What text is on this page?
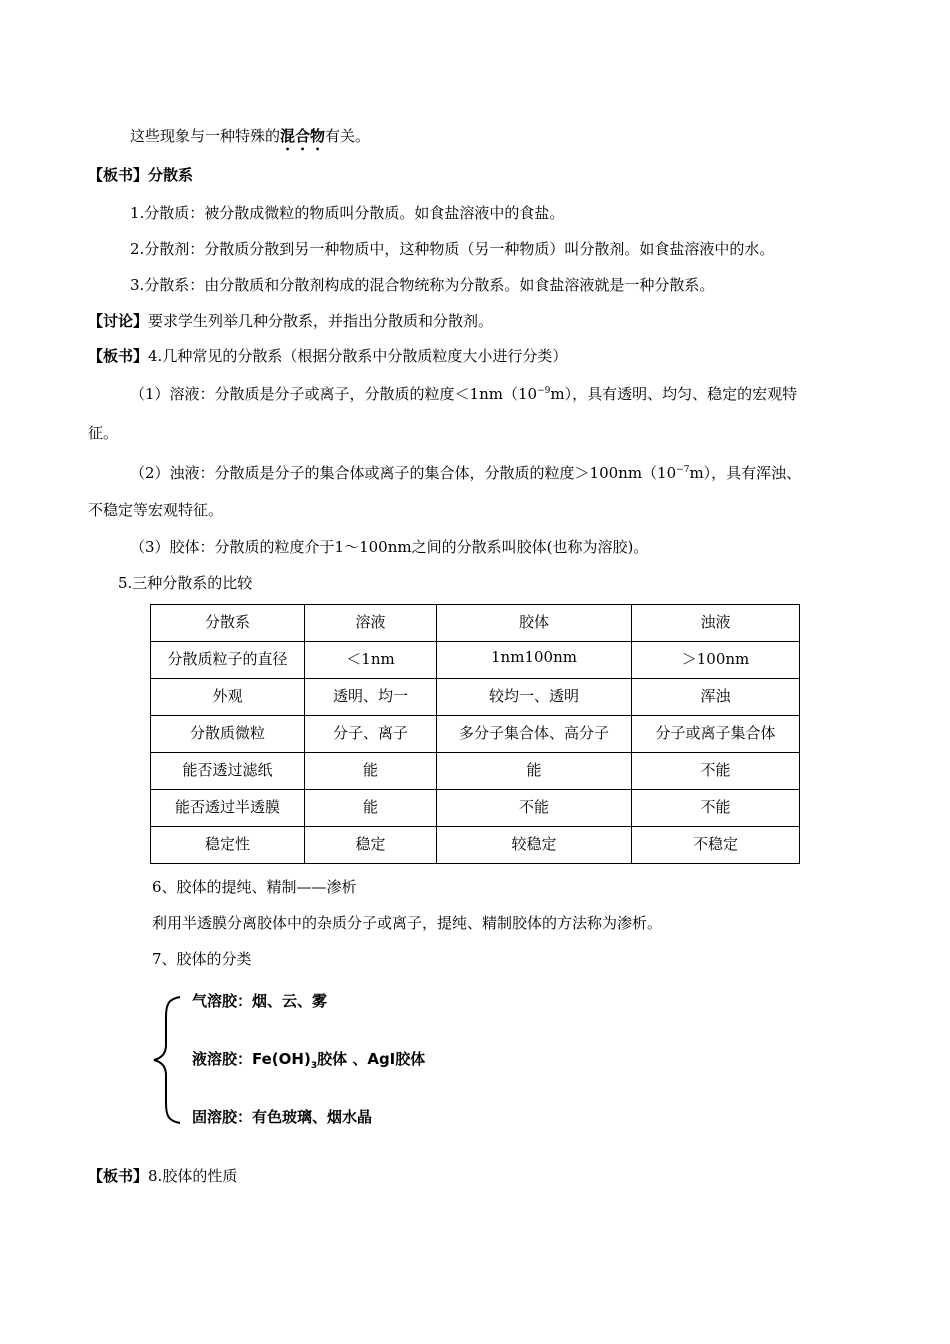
这些现象与一种特殊的混合物有关。
【板书】分散系
1.分散质：被分散成微粒的物质叫分散质。如食盐溶液中的食盐。
2.分散剂：分散质分散到另一种物质中，这种物质（另一种物质）叫分散剂。如食盐溶液中的水。
3.分散系：由分散质和分散剂构成的混合物统称为分散系。如食盐溶液就是一种分散系。
【讨论】要求学生列举几种分散系，并指出分散质和分散剂。
【板书】4.几种常见的分散系（根据分散系中分散质粒度大小进行分类）
（1）溶液：分散质是分子或离子，分散质的粒度$<1nm(10^{-9}m)$，具有透明、均匀、稳定的宏观特
征。
（2）浊液：分散质是分子的集合体或离子的集合体，分散质的粒度$>100nm(10^{-7}m)$，具有浑浊、
不稳定等宏观特征。
（3）胶体：分散质的粒度介于1～100nm之间的分散系叫胶体(也称为溶胶)。
5.三种分散系的比较
分散系	溶液	胶体	浊液
分散质粒子的直径	＜1nm	1nm100nm	＞100nm
外观	透明、均一	较均一、透明	浑浊
分散质微粒	分子、离子	多分子集合体、高分子	分子或离子集合体
能否透过滤纸	能	能	不能
能否透过半透膜	能	不能	不能
稳定性	稳定	较稳定	不稳定
6、胶体的提纯、精制——渗析
利用半透膜分离胶体中的杂质分子或离子，提纯、精制胶体的方法称为渗析。
7、胶体的分类
气溶胶：烟、云、雾
液溶胶：$Fe(OH)_3$胶体 、AgI胶体
固溶胶：有色玻璃、烟水晶
【板书】8.胶体的性质
